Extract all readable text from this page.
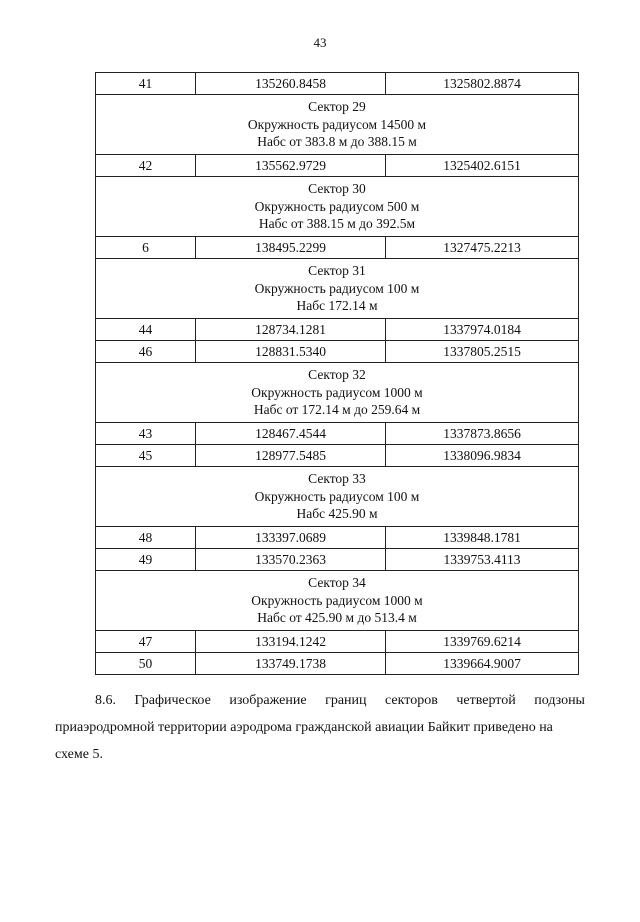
43
41	135260.8458	1325802.8874

Сектор 29
Окружность радиусом 14500 м
Набс от 383.8 м до 388.15 м		

42	135562.9729	1325402.6151

Сектор 30
Окружность радиусом 500 м
Набс от 388.15 м до 392.5м		

6	138495.2299	1327475.2213

Сектор 31
Окружность радиусом 100 м
Набс 172.14 м		

44	128734.1281	1337974.0184
46	128831.5340	1337805.2515

Сектор 32
Окружность радиусом 1000 м
Набс от 172.14 м до 259.64 м		

43	128467.4544	1337873.8656
45	128977.5485	1338096.9834

Сектор 33
Окружность радиусом 100 м
Набс 425.90 м		

48	133397.0689	1339848.1781
49	133570.2363	1339753.4113

Сектор 34
Окружность радиусом 1000 м
Набс от 425.90 м до 513.4 м		

47	133194.1242	1339769.6214
50	133749.1738	1339664.9007
8.6. Графическое изображение границ секторов четвертой подзоны
приаэродромной территории аэродрома гражданской авиации Байкит приведено на
схеме 5.
